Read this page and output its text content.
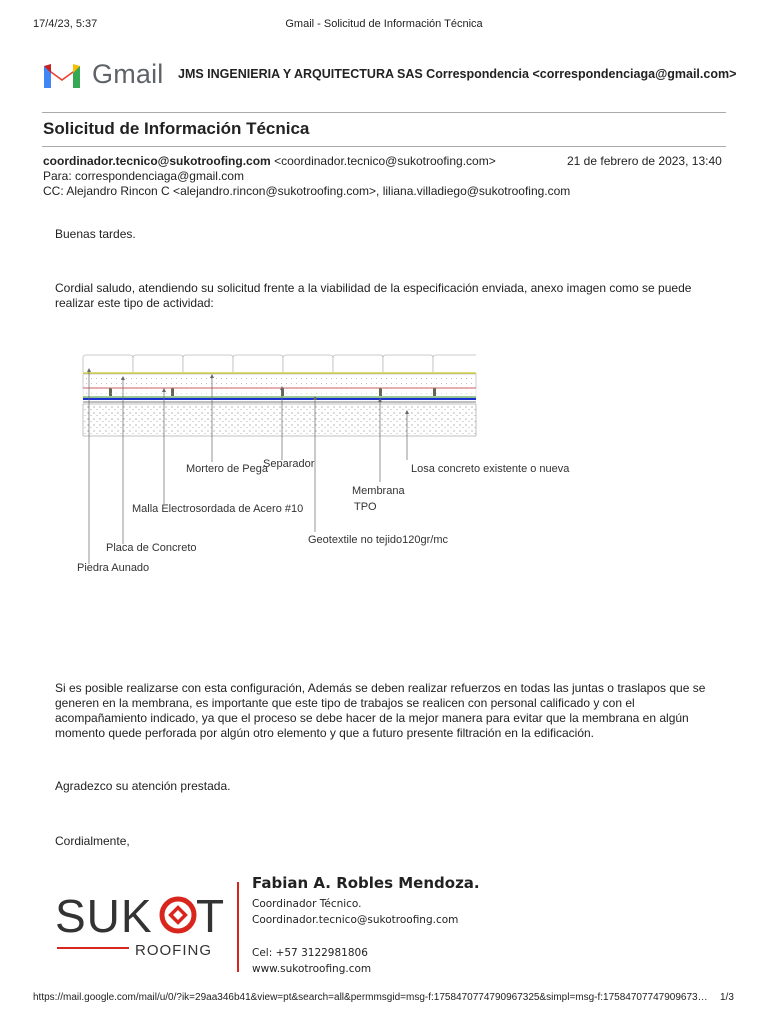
17/4/23, 5:37	Gmail - Solicitud de Información Técnica
Gmail JMS INGENIERIA Y ARQUITECTURA SAS Correspondencia <correspondenciaga@gmail.com>
Solicitud de Información Técnica
coordinador.tecnico@sukotroofing.com <coordinador.tecnico@sukotroofing.com>	21 de febrero de 2023, 13:40
Para: correspondenciaga@gmail.com
CC: Alejandro Rincon C <alejandro.rincon@sukotroofing.com>, liliana.villadiego@sukotroofing.com
Buenas tardes.
Cordial saludo, atendiendo su solicitud frente a la viabilidad de la especificación enviada, anexo imagen como se puede realizar este tipo de actividad:
Mortero de Pega
Separador	Losa concreto existente o nueva
Membrana
TPO
Malla Electrosordada de Acero #10
Geotextile no tejido120gr/mc
Placa de Concreto
Piedra Aunado
Si es posible realizarse con esta configuración, Además se deben realizar refuerzos en todas las juntas o traslapos que se generen en la membrana, es importante que este tipo de trabajos se realicen con personal calificado y con el acompañamiento indicado, ya que el proceso se debe hacer de la mejor manera para evitar que la membrana en algún momento quede perforada por algún otro elemento y que a futuro presente filtración en la edificación.
Agradezco su atención prestada.
Cordialmente,
SUK T
ROOFING
Fabian A. Robles Mendoza.
Coordinador Técnico.
Coordinador.tecnico@sukotroofing.com
Cel: +57 3122981806
www.sukotroofing.com
https://mail.google.com/mail/u/0/?ik=29aa346b41&view=pt&search=all&permmsgid=msg-f:1758470774790967325&simpl=msg-f:17584707747909673…	1/3
